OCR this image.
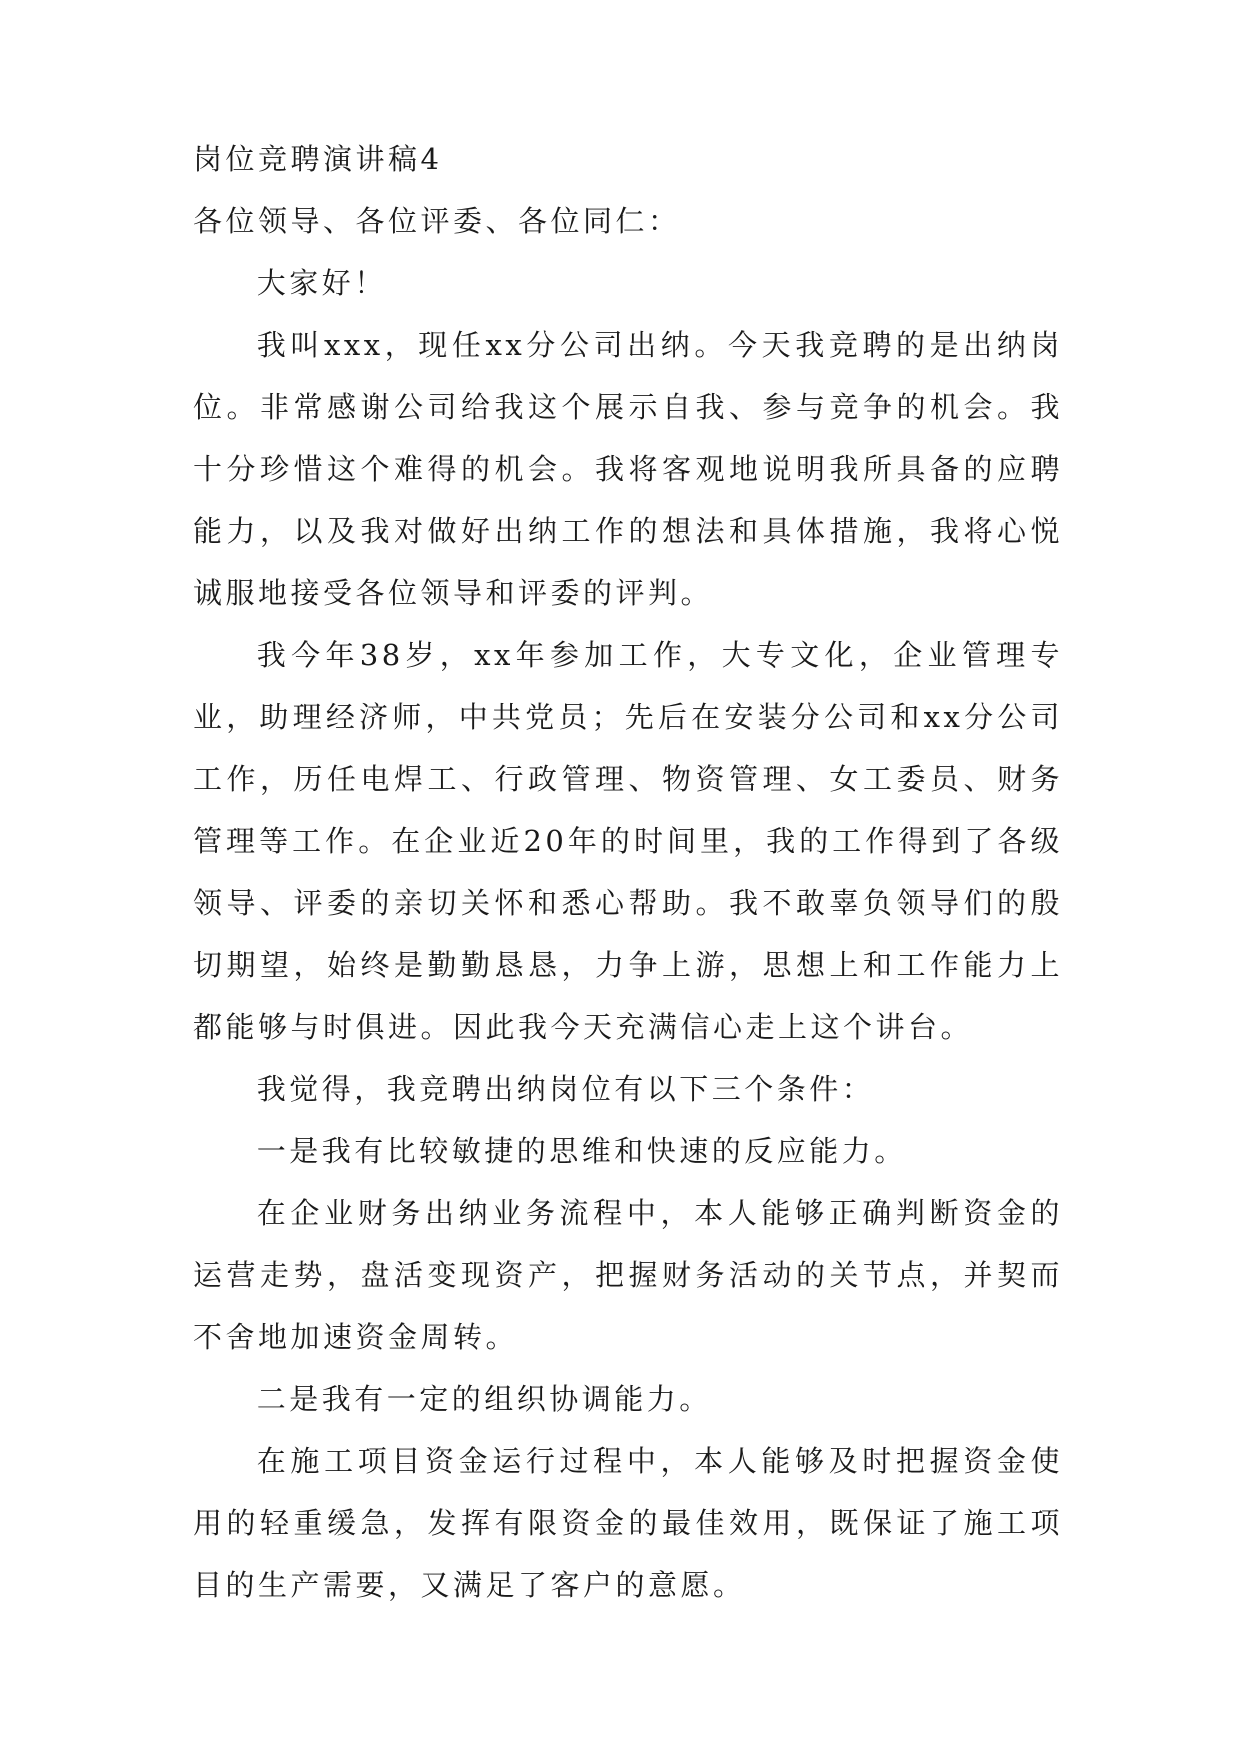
岗位竞聘演讲稿4

各位领导、各位评委、各位同仁：

大家好！

我叫xxx，现任xx分公司出纳。今天我竞聘的是出纳岗位。非常感谢公司给我这个展示自我、参与竞争的机会。我十分珍惜这个难得的机会。我将客观地说明我所具备的应聘能力，以及我对做好出纳工作的想法和具体措施，我将心悦诚服地接受各位领导和评委的评判。

我今年38岁，xx年参加工作，大专文化，企业管理专业，助理经济师，中共党员；先后在安装分公司和xx分公司工作，历任电焊工、行政管理、物资管理、女工委员、财务管理等工作。在企业近20年的时间里，我的工作得到了各级领导、评委的亲切关怀和悉心帮助。我不敢辜负领导们的殷切期望，始终是勤勤恳恳，力争上游，思想上和工作能力上都能够与时俱进。因此我今天充满信心走上这个讲台。

我觉得，我竞聘出纳岗位有以下三个条件：

一是我有比较敏捷的思维和快速的反应能力。

在企业财务出纳业务流程中，本人能够正确判断资金的运营走势，盘活变现资产，把握财务活动的关节点，并契而不舍地加速资金周转。

二是我有一定的组织协调能力。

在施工项目资金运行过程中，本人能够及时把握资金使用的轻重缓急，发挥有限资金的最佳效用，既保证了施工项目的生产需要，又满足了客户的意愿。
